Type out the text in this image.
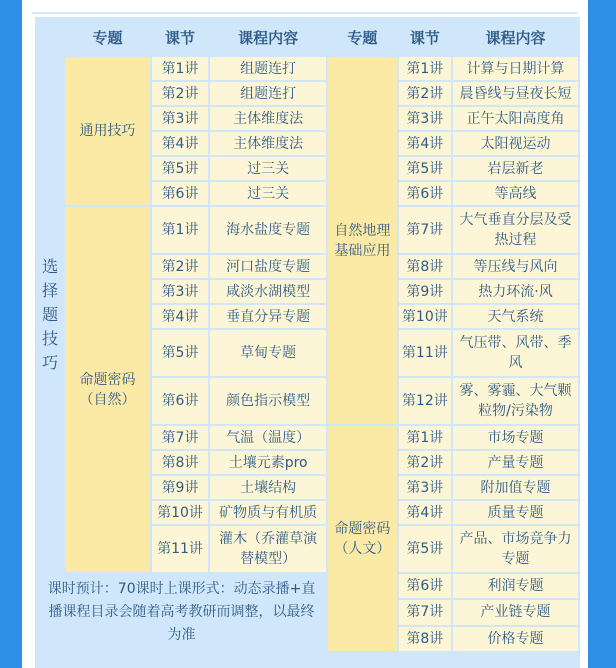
	专题	课节	课程内容	专题	课节	课程内容
选择题技巧	通用技巧	第1讲	组题连打	自然地理基础应用	第1讲	计算与日期计算
		第2讲	组题连打		第2讲	晨昏线与昼夜长短
		第3讲	主体维度法		第3讲	正午太阳高度角
		第4讲	主体维度法		第4讲	太阳视运动
		第5讲	过三关		第5讲	岩层新老
		第6讲	过三关		第6讲	等高线
	命题密码（自然）	第1讲	海水盐度专题		第7讲	大气垂直分层及受热过程
		第2讲	河口盐度专题		第8讲	等压线与风向
		第3讲	咸淡水湖模型		第9讲	热力环流·风
		第4讲	垂直分异专题		第10讲	天气系统
		第5讲	草甸专题		第11讲	气压带、风带、季风
		第6讲	颜色指示模型		第12讲	雾、雾霾、大气颗粒物/污染物
		第7讲	气温（温度）	命题密码（人文）	第1讲	市场专题
		第8讲	土壤元素pro		第2讲	产量专题
		第9讲	土壤结构		第3讲	附加值专题
		第10讲	矿物质与有机质		第4讲	质量专题
		第11讲	灌木（乔灌草演替模型）		第5讲	产品、市场竞争力专题
课时预计：70课时上课形式：动态录播+直播课程目录会随着高考教研而调整，以最终为准					第6讲	利润专题
					第7讲	产业链专题
					第8讲	价格专题
